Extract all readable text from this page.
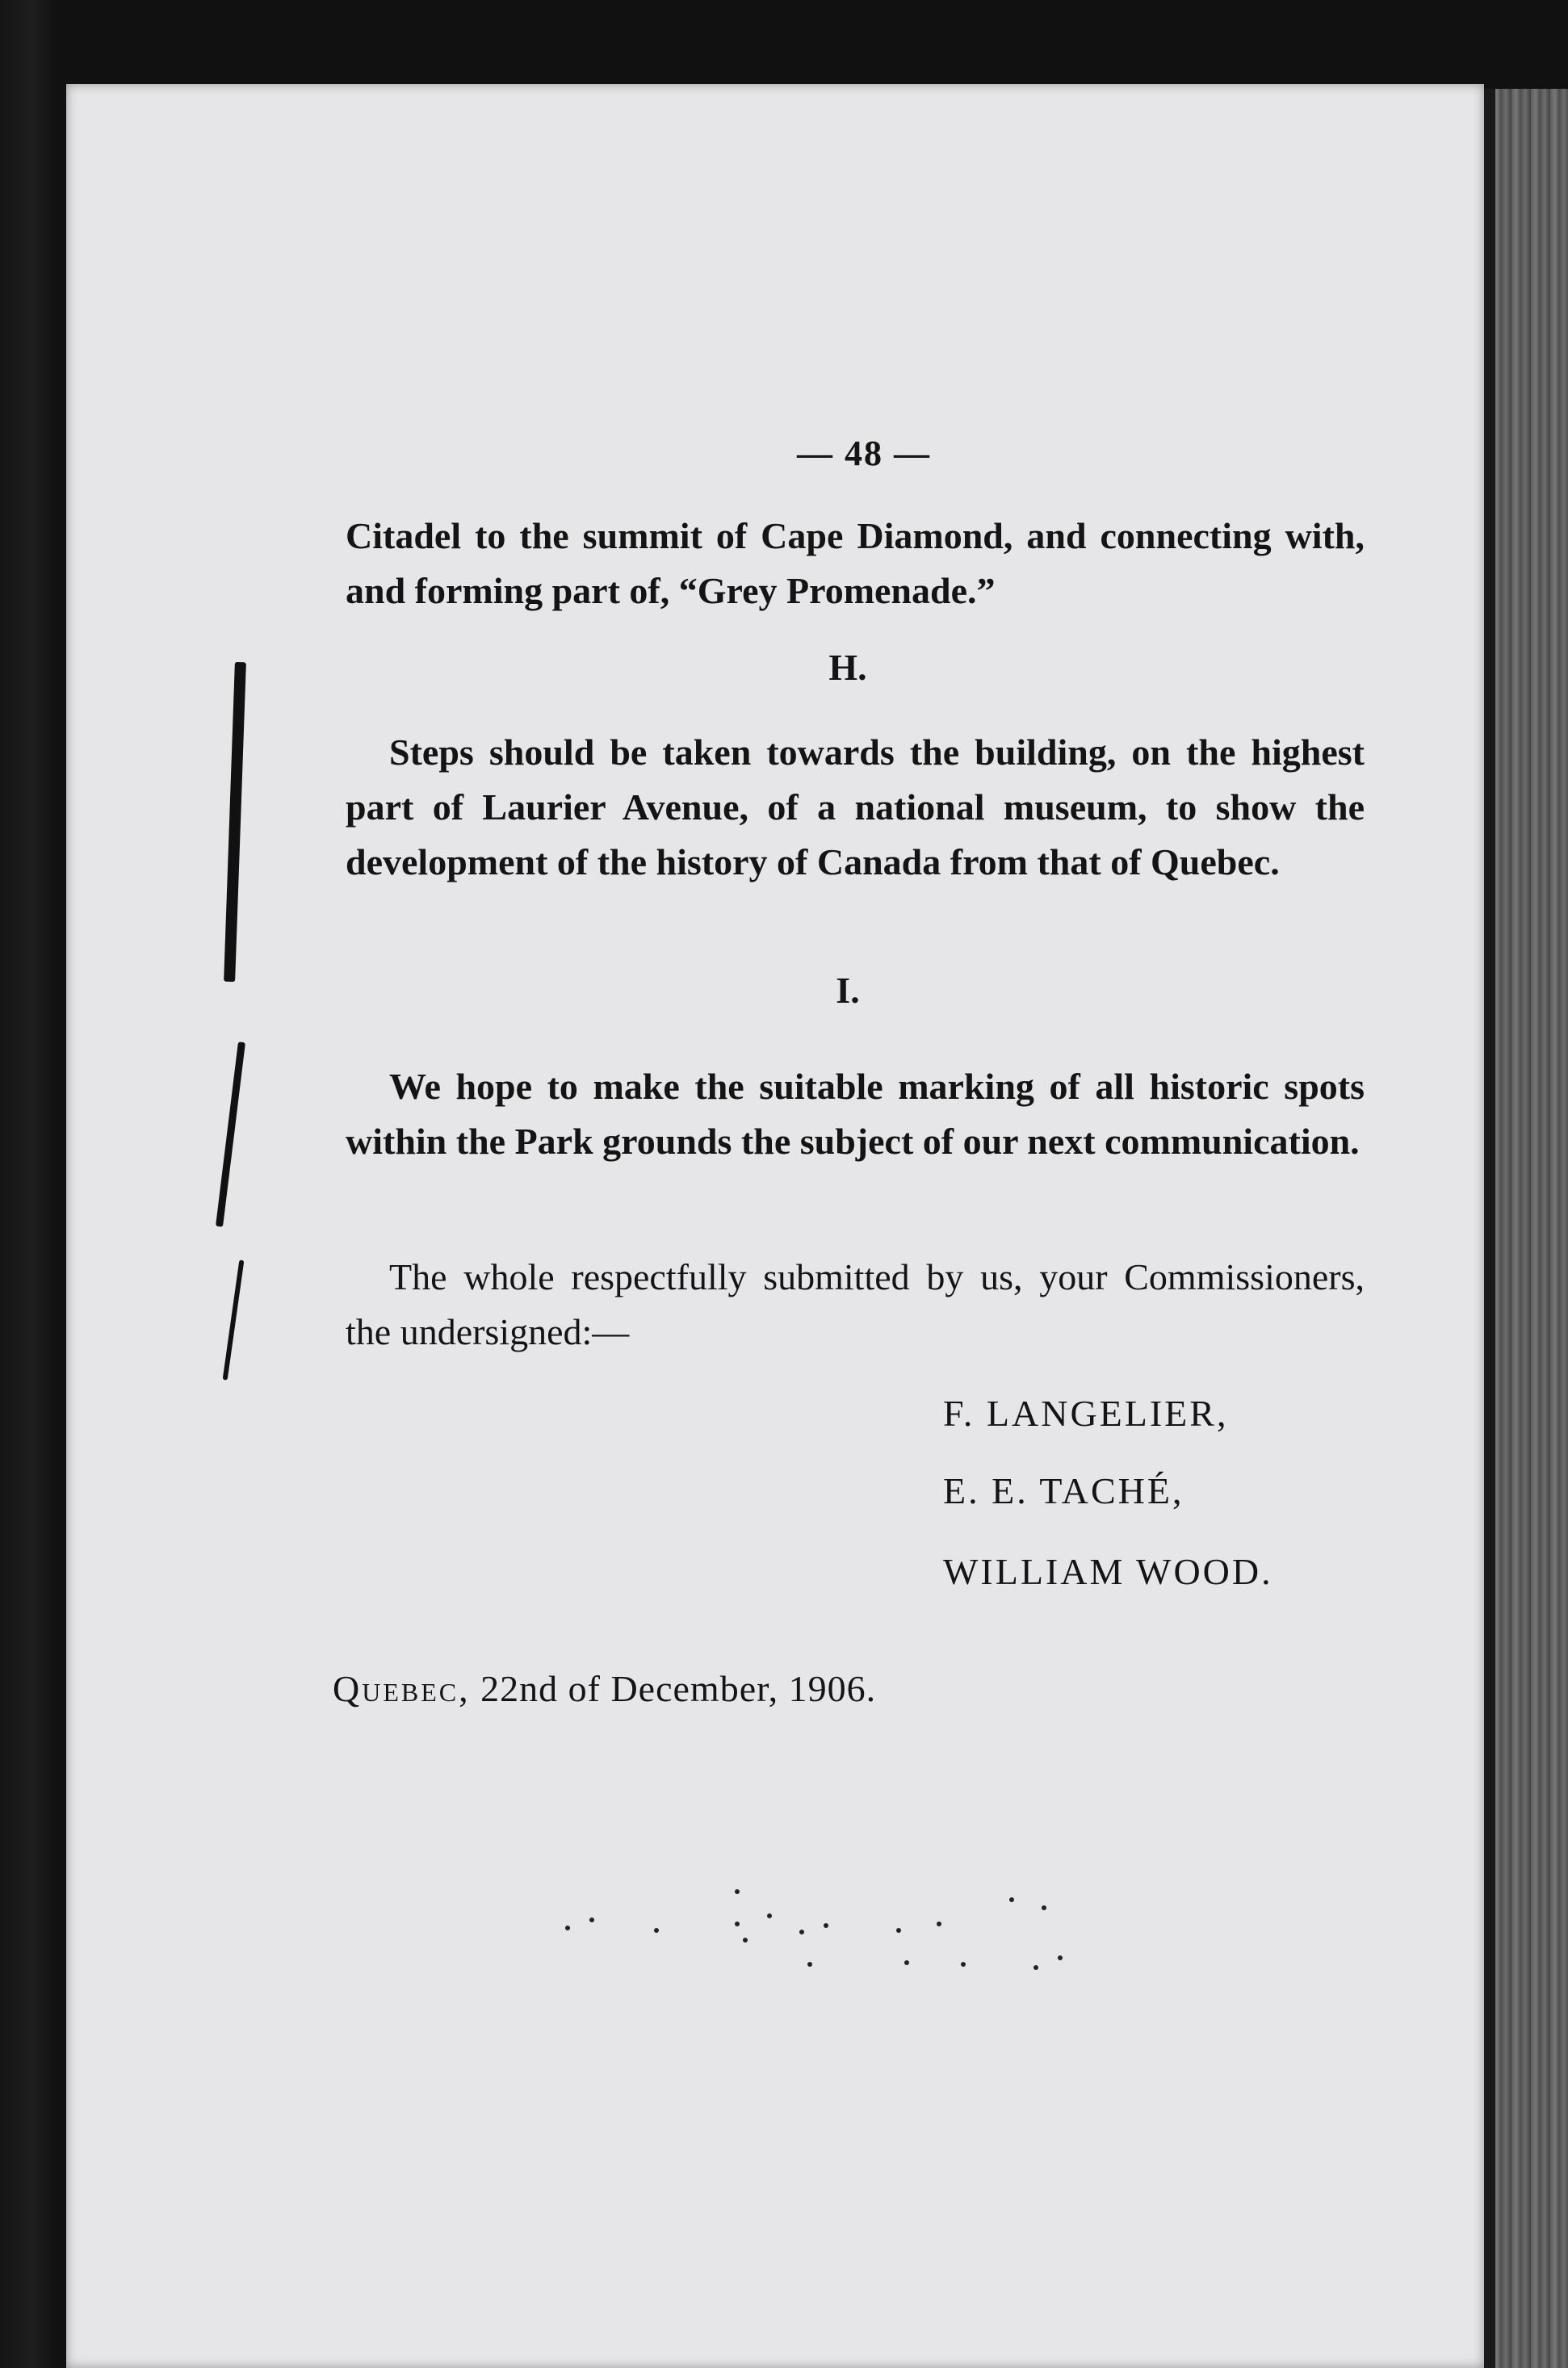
— 48 —
Citadel to the summit of Cape Diamond, and connecting with, and forming part of, “Grey Promenade.”
H.
Steps should be taken towards the building, on the highest part of Laurier Avenue, of a national museum, to show the development of the history of Canada from that of Quebec.
I.
We hope to make the suitable marking of all historic spots within the Park grounds the subject of our next communication.
The whole respectfully submitted by us, your Commissioners, the undersigned:—
F. LANGELIER,
E. E. TACHÉ,
WILLIAM WOOD.
Quebec, 22nd of December, 1906.
